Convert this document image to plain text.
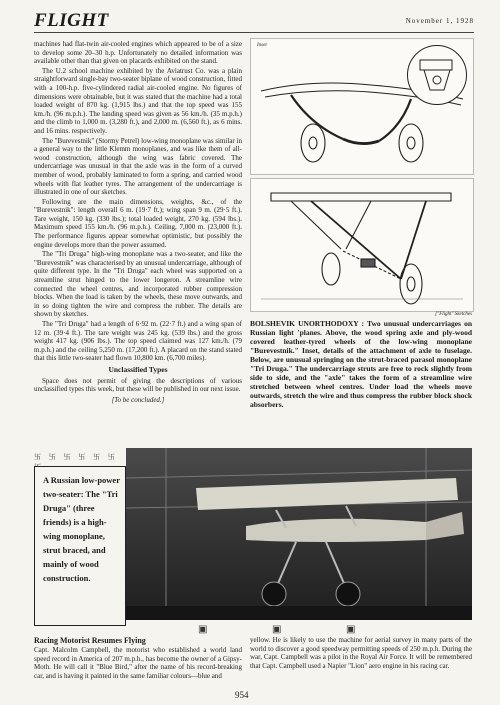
FLIGHT	November 1, 1928

machines had flat-twin air-cooled engines which appeared to be of a size to develop some 20–30 h.p. Unfortunately no detailed information was available other than that given on placards exhibited on the stand.

The U.2 school machine exhibited by the Aviatrust Co. was a plain straightforward single-bay two-seater biplane of wood construction, fitted with a 100-h.p. five-cylindered radial air-cooled engine. No figures of dimensions were obtainable, but it was stated that the machine had a total loaded weight of 870 kg. (1,915 lbs.) and that the top speed was 155 km./h. (96 m.p.h.). The landing speed was given as 56 km./h. (35 m.p.h.) and the climb to 1,000 m. (3,280 ft.), and 2,000 m. (6,560 ft.), as 6 mins. and 16 mins. respectively.

The "Burevestnik" (Stormy Petrel) low-wing monoplane was similar in a general way to the little Klemm monoplanes, and was like them of all-wood construction, although the wing was fabric covered. The undercarriage was unusual in that the axle was in the form of a curved member of wood, probably laminated to form a spring, and carried wood wheels with flat leather tyres. The arrangement of the undercarriage is illustrated in one of our sketches.

Following are the main dimensions, weights, &c., of the "Burevestnik": length overall 6 m. (19·7 ft.); wing span 9 m. (29·5 ft.). Tare weight, 150 kg. (330 lbs.); total loaded weight, 270 kg. (594 lbs.). Maximum speed 155 km./h. (96 m.p.h.). Ceiling, 7,000 m. (23,000 ft.). The performance figures appear somewhat optimistic, but possibly the engine develops more than the power assumed.

The "Tri Druga" high-wing monoplane was a two-seater, and like the "Burevestnik" was characterised by an unusual undercarriage, although of quite different type. In the "Tri Druga" each wheel was supported on a streamline strut hinged to the lower longeron. A streamline wire connected the wheel centres, and incorporated rubber compression blocks. When the load is taken by the wheels, these move outwards, and in so doing tighten the wire and compress the rubber. The details are shown by sketches.

The "Tri Druga" had a length of 6·92 m. (22·7 ft.) and a wing span of 12 m. (39·4 ft.). The tare weight was 245 kg. (539 lbs.) and the gross weight 417 kg. (906 lbs.). The top speed claimed was 127 km./h. (79 m.p.h.) and the ceiling 5,250 m. (17,200 ft.). A placard on the stand stated that this little two-seater had flown 10,800 km. (6,700 miles).

Unclassified Types

Space does not permit of giving the descriptions of various unclassified types this week, but these will be published in our next issue.

[To be concluded.]
Inset
["Flight" Sketches
BOLSHEVIK UNORTHODOXY : Two unusual undercarriages on Russian light 'planes. Above, the wood spring axle and ply-wood covered leather-tyred wheels of the low-wing monoplane "Burevestnik." Inset, details of the attachment of axle to fuselage. Below, are unusual springing on the strut-braced parasol monoplane "Tri Druga." The undercarriage struts are free to rock slightly from side to side, and the "axle" takes the form of a streamline wire stretched between wheel centres. Under load the wheels move outwards, stretch the wire and thus compress the rubber block shock absorbers.
卐 卐 卐 卐 卐 卐
A Russian low-power two-seater: The "Tri Druga" (three friends) is a high-wing monoplane, strut braced, and mainly of wood construction.
▣	▣	▣
Racing Motorist Resumes Flying
Capt. Malcolm Campbell, the motorist who established a world land speed record in America of 207 m.p.h., has become the owner of a Gipsy-Moth. He will call it "Blue Bird," after the name of his record-breaking car, and is having it painted in the same familiar colours—blue and
yellow. He is likely to use the machine for aerial survey in many parts of the world to discover a good speedway permitting speeds of 250 m.p.h. During the war, Capt. Campbell was a pilot in the Royal Air Force. It will be remembered that Capt. Campbell used a Napier "Lion" aero engine in his racing car.
954
